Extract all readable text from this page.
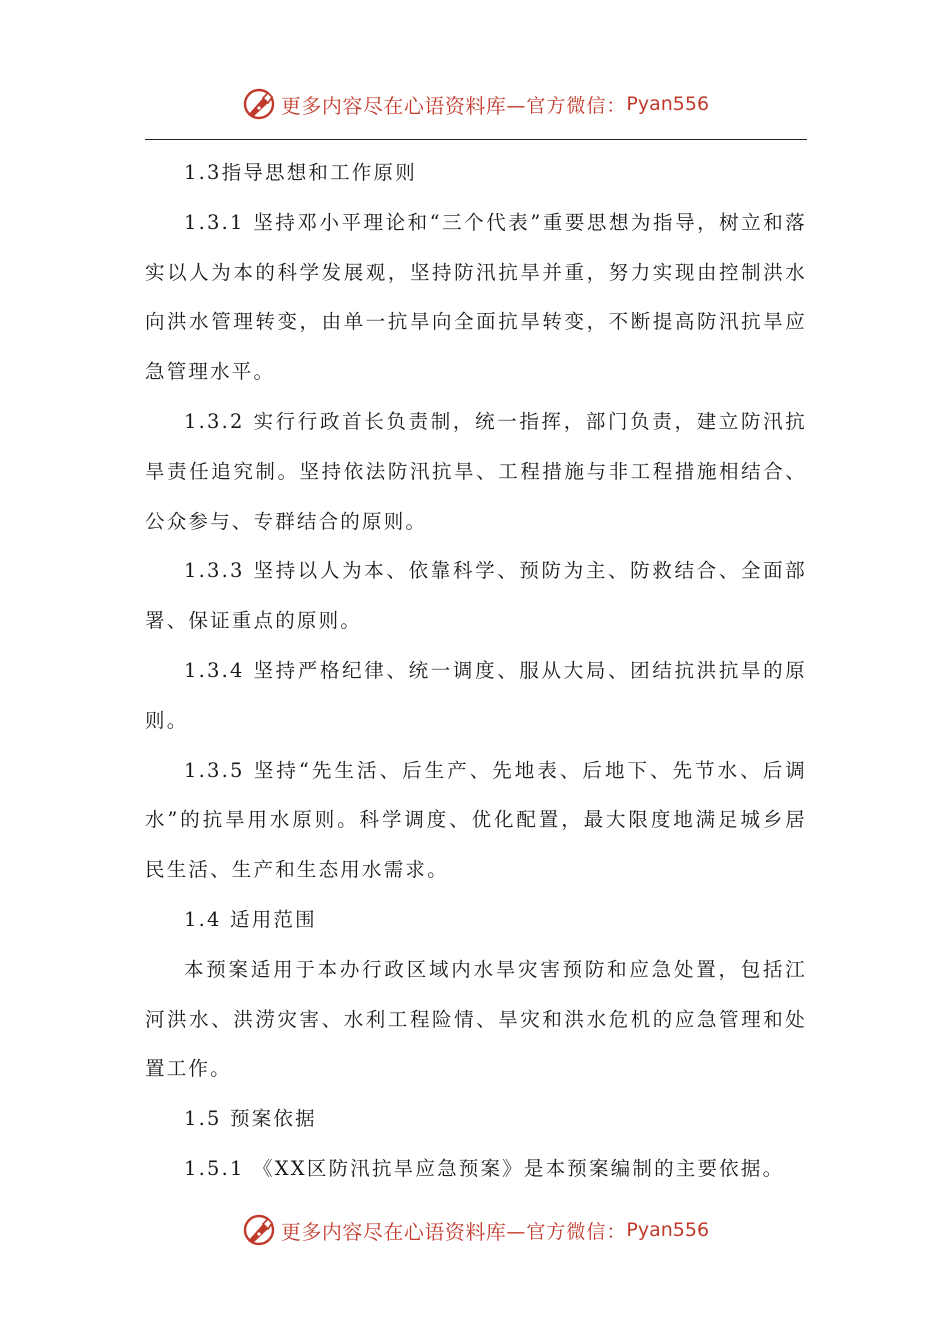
更多内容尽在心语资料库 —官方微信： Pyan556

1.3指导思想和工作原则

1.3.1 坚持邓小平理论和“三个代表”重要思想为指导，树立和落实以人为本的科学发展观，坚持防汛抗旱并重，努力实现由控制洪水向洪水管理转变，由单一抗旱向全面抗旱转变，不断提高防汛抗旱应急管理水平。

1.3.2 实行行政首长负责制，统一指挥，部门负责，建立防汛抗旱责任追究制。坚持依法防汛抗旱、工程措施与非工程措施相结合、公众参与、专群结合的原则。

1.3.3 坚持以人为本、依靠科学、预防为主、防救结合、全面部署、保证重点的原则。

1.3.4 坚持严格纪律、统一调度、服从大局、团结抗洪抗旱的原则。

1.3.5 坚持“先生活、后生产、先地表、后地下、先节水、后调水”的抗旱用水原则。科学调度、优化配置，最大限度地满足城乡居民生活、生产和生态用水需求。

1.4 适用范围

本预案适用于本办行政区域内水旱灾害预防和应急处置，包括江河洪水、洪涝灾害、水利工程险情、旱灾和洪水危机的应急管理和处置工作。

1.5 预案依据

1.5.1 《XX区防汛抗旱应急预案》是本预案编制的主要依据。

更多内容尽在心语资料库 —官方微信： Pyan556
